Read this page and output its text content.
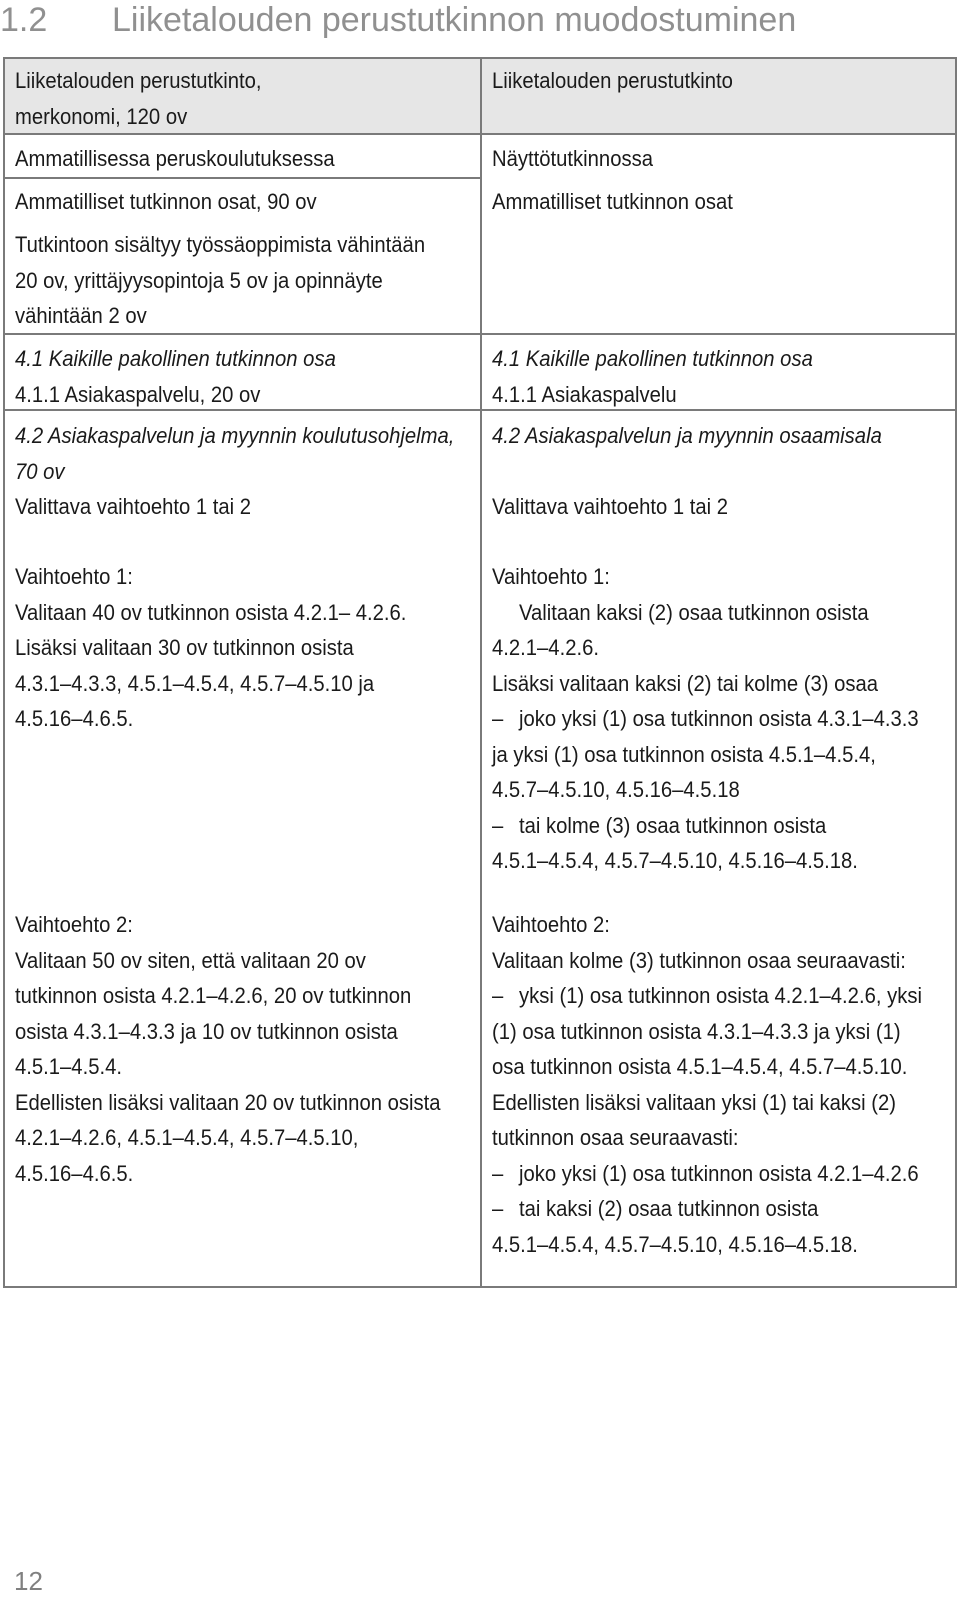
1.2 Liiketalouden perustutkinnon muodostuminen
Liiketalouden perustutkinto,
merkonomi, 120 ov
Ammatillisessa peruskoulutuksessa
Ammatilliset tutkinnon osat, 90 ov
Tutkintoon sisältyy työssäoppimista vähintään
20 ov, yrittäjyysopintoja 5 ov ja opinnäyte
vähintään 2 ov
4.1 Kaikille pakollinen tutkinnon osa
4.1.1 Asiakaspalvelu, 20 ov
4.2 Asiakaspalvelun ja myynnin koulutusohjelma,
70 ov
Valittava vaihtoehto 1 tai 2
Vaihtoehto 1:
Valitaan 40 ov tutkinnon osista 4.2.1– 4.2.6.
Lisäksi valitaan 30 ov tutkinnon osista
4.3.1–4.3.3, 4.5.1–4.5.4, 4.5.7–4.5.10 ja
4.5.16–4.6.5.
Vaihtoehto 2:
Valitaan 50 ov siten, että valitaan 20 ov
tutkinnon osista 4.2.1–4.2.6, 20 ov tutkinnon
osista 4.3.1–4.3.3 ja 10 ov tutkinnon osista
4.5.1–4.5.4.
Edellisten lisäksi valitaan 20 ov tutkinnon osista
4.2.1–4.2.6, 4.5.1–4.5.4, 4.5.7–4.5.10,
4.5.16–4.6.5.
Liiketalouden perustutkinto
Näyttötutkinnossa
Ammatilliset tutkinnon osat
4.1 Kaikille pakollinen tutkinnon osa
4.1.1 Asiakaspalvelu
4.2 Asiakaspalvelun ja myynnin osaamisala
Valittava vaihtoehto 1 tai 2
Vaihtoehto 1:
Valitaan kaksi (2) osaa tutkinnon osista
4.2.1–4.2.6.
Lisäksi valitaan kaksi (2) tai kolme (3) osaa
– joko yksi (1) osa tutkinnon osista 4.3.1–4.3.3
ja yksi (1) osa tutkinnon osista 4.5.1–4.5.4,
4.5.7–4.5.10, 4.5.16–4.5.18
– tai kolme (3) osaa tutkinnon osista
4.5.1–4.5.4, 4.5.7–4.5.10, 4.5.16–4.5.18.
Vaihtoehto 2:
Valitaan kolme (3) tutkinnon osaa seuraavasti:
– yksi (1) osa tutkinnon osista 4.2.1–4.2.6, yksi
(1) osa tutkinnon osista 4.3.1–4.3.3 ja yksi (1)
osa tutkinnon osista 4.5.1–4.5.4, 4.5.7–4.5.10.
Edellisten lisäksi valitaan yksi (1) tai kaksi (2)
tutkinnon osaa seuraavasti:
– joko yksi (1) osa tutkinnon osista 4.2.1–4.2.6
– tai kaksi (2) osaa tutkinnon osista
4.5.1–4.5.4, 4.5.7–4.5.10, 4.5.16–4.5.18.
12
